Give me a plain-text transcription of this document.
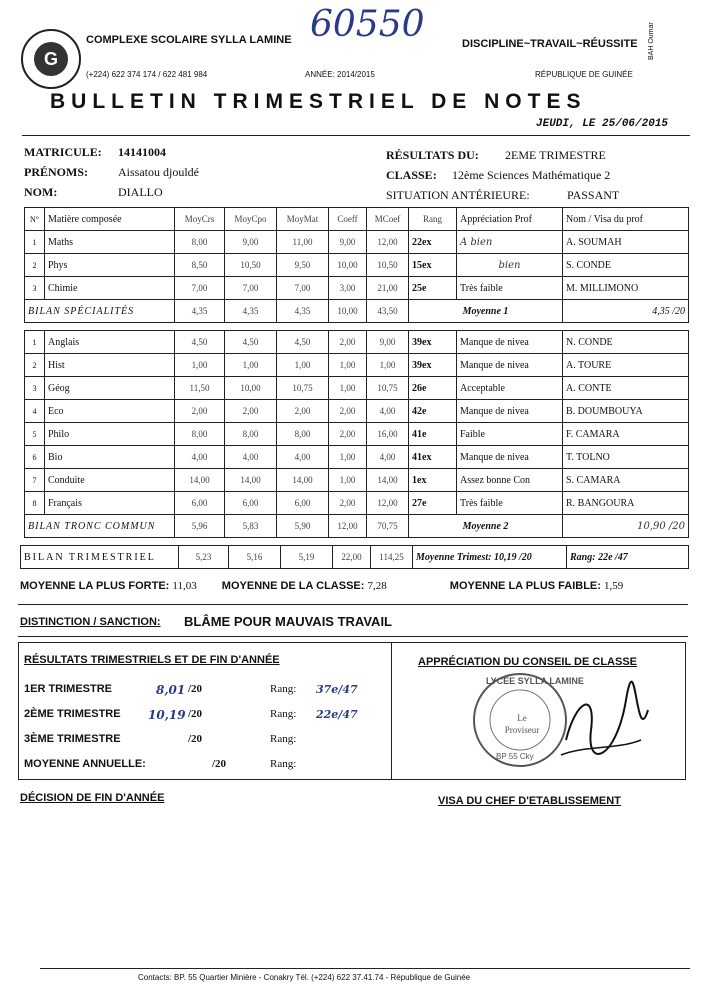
G
COMPLEXE SCOLAIRE SYLLA LAMINE
(+224) 622 374 174 / 622 481 984	ANNÉE: 2014/2015
60550	DISCIPLINE~TRAVAIL~RÉUSSITE
RÉPUBLIQUE DE GUINÉE
BAH Oumar
BULLETIN TRIMESTRIEL DE NOTES
JEUDI, LE 25/06/2015
MATRICULE: 14141004
PRÉNOMS:	Aissatou djouldé
NOM:	DIALLO
RÉSULTATS DU: 2EME TRIMESTRE
CLASSE: 12ème Sciences Mathématique 2
SITUATION ANTÉRIEURE:	PASSANT
N°	Matière composée	MoyCrs	MoyCpo	MoyMat	Coeff	MCoef	Rang	Appréciation Prof	Nom / Visa du prof
1	Maths	8,00	9,00	11,00	9,00	12,00	22ex	A bien	A. SOUMAH
2	Phys	8,50	10,50	9,50	10,00	10,50	15ex	bien	S. CONDE
3	Chimie	7,00	7,00	7,00	3,00	21,00	25e	Très faible	M. MILLIMONO
BILAN SPÉCIALITÉS		4,35	4,35	4,35	10,00	43,50	Moyenne 1		4,35 /20
1	Anglais	4,50	4,50	4,50	2,00	9,00	39ex	Manque de nivea	N. CONDE
2	Hist	1,00	1,00	1,00	1,00	1,00	39ex	Manque de nivea	A. TOURE
3	Géog	11,50	10,00	10,75	1,00	10,75	26e	Acceptable	A. CONTE
4	Eco	2,00	2,00	2,00	2,00	4,00	42e	Manque de nivea	B. DOUMBOUYA
5	Philo	8,00	8,00	8,00	2,00	16,00	41e	Faible	F. CAMARA
6	Bio	4,00	4,00	4,00	1,00	4,00	41ex	Manque de nivea	T. TOLNO
7	Conduite	14,00	14,00	14,00	1,00	14,00	1ex	Assez bonne Con	S. CAMARA
8	Français	6,00	6,00	6,00	2,00	12,00	27e	Très faible	R. BANGOURA
BILAN TRONC COMMUN		5,96	5,83	5,90	12,00	70,75	Moyenne 2		10,90 /20
BILAN TRIMESTRIEL	5,23	5,16	5,19	22,00	114,25	Moyenne Trimest: 10,19 /20	Rang: 22e /47
MOYENNE LA PLUS FORTE: 11,03 MOYENNE DE LA CLASSE: 7,28	MOYENNE LA PLUS FAIBLE: 1,59
DISTINCTION / SANCTION: BLÂME POUR MAUVAIS TRAVAIL
RÉSULTATS TRIMESTRIELS ET DE FIN D'ANNÉE
1ER TRIMESTRE	8,01 /20	Rang: 37e/47
2ÈME TRIMESTRE 10,19 /20	Rang: 22e/47
3ÈME TRIMESTRE	/20	Rang:
MOYENNE ANNUELLE:	/20	Rang:
APPRÉCIATION DU CONSEIL DE CLASSE
LYCÉE SYLLA LAMINE
Le Proviseur
BP 55 Cky
DÉCISION DE FIN D'ANNÉE	VISA DU CHEF D'ETABLISSEMENT
Contacts: BP. 55 Quartier Minière - Conakry Tél. (+224) 622 37.41.74 - République de Guinée
